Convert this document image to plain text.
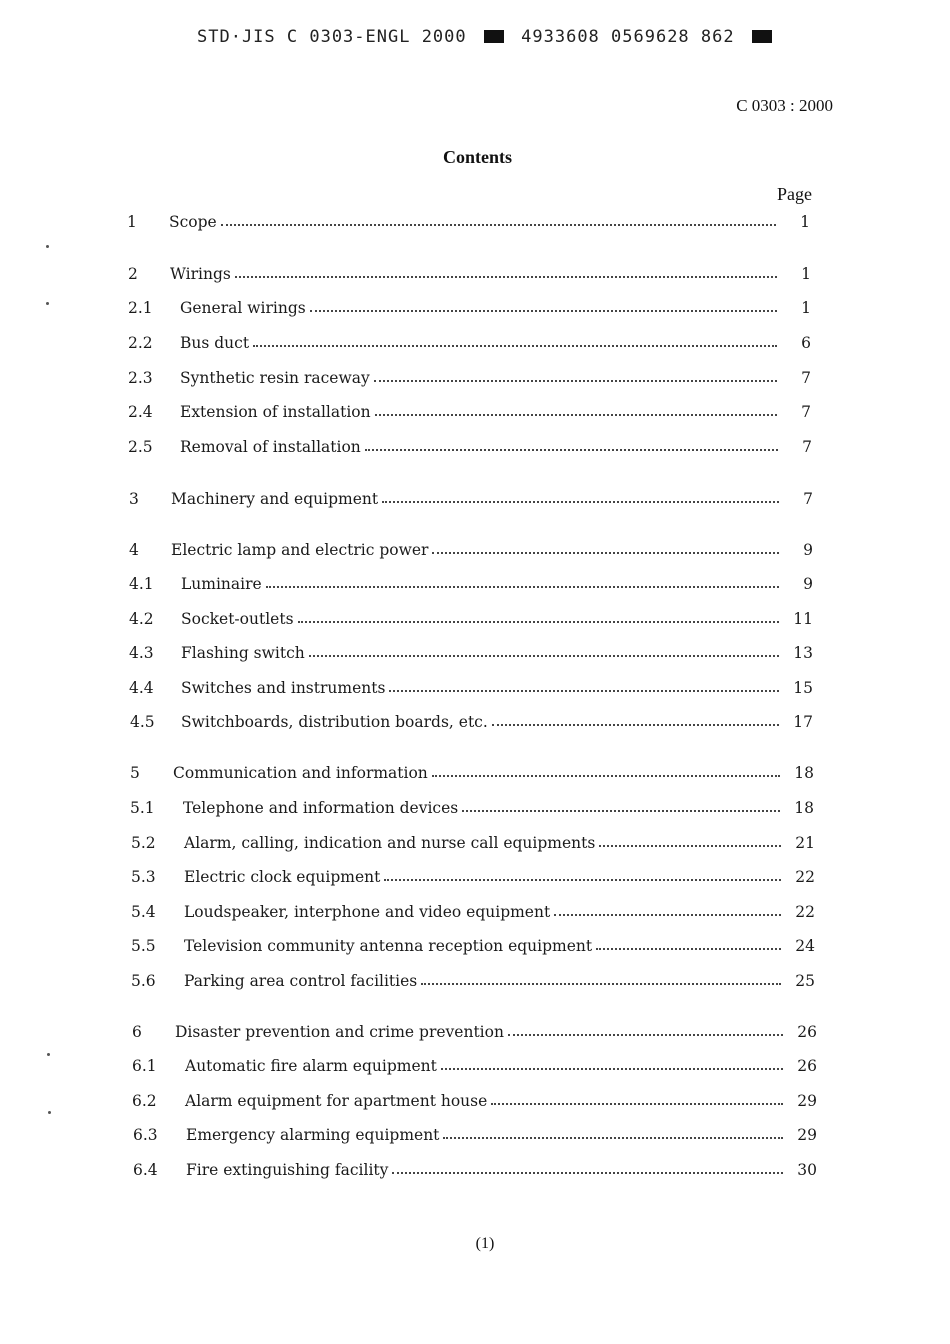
STD·JIS C 0303-ENGL 2000	4933608 0569628 862
C 0303 : 2000
Contents
Page
1	Scope	1
2	Wirings	1
2.1	General wirings	1
2.2	Bus duct	6
2.3	Synthetic resin raceway	7
2.4	Extension of installation	7
2.5	Removal of installation	7
3	Machinery and equipment	7
4	Electric lamp and electric power	9
4.1	Luminaire	9
4.2	Socket-outlets	11
4.3	Flashing switch	13
4.4	Switches and instruments	15
4.5	Switchboards, distribution boards, etc.	17
5	Communication and information	18
5.1	Telephone and information devices	18
5.2	Alarm, calling, indication and nurse call equipments	21
5.3	Electric clock equipment	22
5.4	Loudspeaker, interphone and video equipment	22
5.5	Television community antenna reception equipment	24
5.6	Parking area control facilities	25
6	Disaster prevention and crime prevention	26
6.1	Automatic fire alarm equipment	26
6.2	Alarm equipment for apartment house	29
6.3	Emergency alarming equipment	29
6.4	Fire extinguishing facility	30
(1)
